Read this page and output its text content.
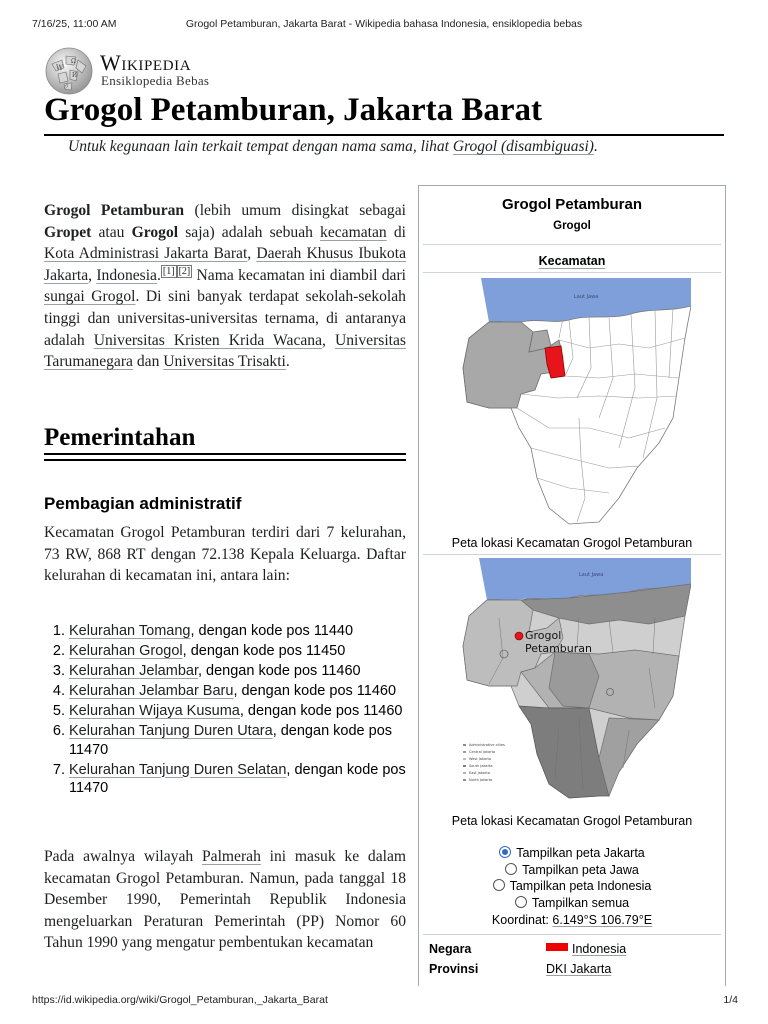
7/16/25, 11:00 AM	Grogol Petamburan, Jakarta Barat - Wikipedia bahasa Indonesia, ensiklopedia bebas
W
Ω
И
ウ
Wikipedia
Ensiklopedia Bebas
Grogol Petamburan, Jakarta Barat
Untuk kegunaan lain terkait tempat dengan nama sama, lihat Grogol (disambiguasi).

Grogol Petamburan (lebih umum disingkat sebagai Gropet atau Grogol saja) adalah sebuah kecamatan di Kota Administrasi Jakarta Barat, Daerah Khusus Ibukota Jakarta, Indonesia. [1] [2] Nama kecamatan ini diambil dari sungai Grogol. Di sini banyak terdapat sekolah-sekolah tinggi dan universitas-universitas ternama, di antaranya adalah Universitas Kristen Krida Wacana, Universitas Tarumanegara dan Universitas Trisakti.

Pemerintahan
Pembagian administratif

Kecamatan Grogol Petamburan terdiri dari 7 kelurahan, 73 RW, 868 RT dengan 72.138 Kepala Keluarga. Daftar kelurahan di kecamatan ini, antara lain:

1. Kelurahan Tomang, dengan kode pos 11440
2. Kelurahan Grogol, dengan kode pos 11450
3. Kelurahan Jelambar, dengan kode pos 11460
4. Kelurahan Jelambar Baru, dengan kode pos 11460
5. Kelurahan Wijaya Kusuma, dengan kode pos 11460
6. Kelurahan Tanjung Duren Utara, dengan kode pos 11470
7. Kelurahan Tanjung Duren Selatan, dengan kode pos 11470

Pada awalnya wilayah Palmerah ini masuk ke dalam kecamatan Grogol Petamburan. Namun, pada tanggal 18 Desember 1990, Pemerintah Republik Indonesia mengeluarkan Peraturan Pemerintah (PP) Nomor 60 Tahun 1990 yang mengatur pembentukan kecamatan

Grogol Petamburan
Grogol
Kecamatan
Laut Jawa
Peta lokasi Kecamatan Grogol Petamburan
Laut Jawa
Grogol Petamburan
Administrative cities
Central Jakarta
West Jakarta
South Jakarta
East Jakarta
North Jakarta
Peta lokasi Kecamatan Grogol Petamburan
Tampilkan peta Jakarta
Tampilkan peta Jawa
Tampilkan peta Indonesia
Tampilkan semua
Koordinat: 6.149°S 106.79°E
Negara	Indonesia
Provinsi	DKI Jakarta
https://id.wikipedia.org/wiki/Grogol_Petamburan,_Jakarta_Barat	1/4
